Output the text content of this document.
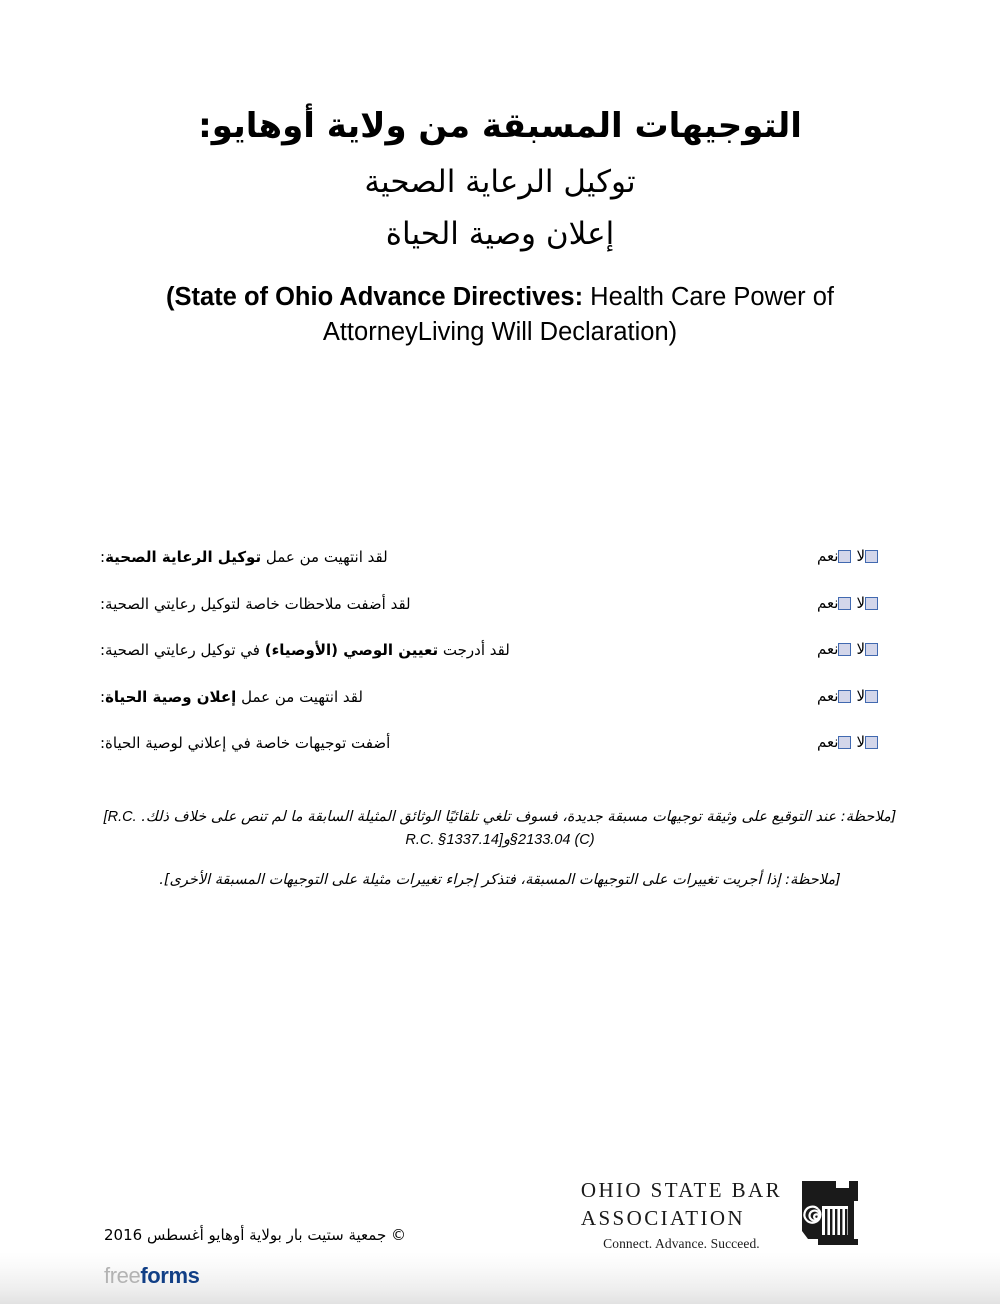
التوجيهات المسبقة من ولاية أوهايو:
توكيل الرعاية الصحية
إعلان وصية الحياة

(State of Ohio Advance Directives: Health Care Power of AttorneyLiving Will Declaration)

لقد انتهيت من عمل توكيل الرعاية الصحية:	نعم لا
لقد أضفت ملاحظات خاصة لتوكيل رعايتي الصحية:	نعم لا
لقد أدرجت تعيين الوصي (الأوصياء) في توكيل رعايتي الصحية:	نعم لا
لقد انتهيت من عمل إعلان وصية الحياة:	نعم لا
أضفت توجيهات خاصة في إعلاني لوصية الحياة:	نعم لا

[ملاحظة: عند التوقيع على وثيقة توجيهات مسبقة جديدة، فسوف تلغي تلقائيًا الوثائق المثيلة السابقة ما لم تنص على خلاف ذلك. [R.C. §2133.04 (C)وR.C. §1337.14]

[ملاحظة: إذا أجريت تغييرات على التوجيهات المسبقة، فتذكر إجراء تغييرات مثيلة على التوجيهات المسبقة الأخرى].

OHIO STATE BAR
ASSOCIATION
Connect. Advance. Succeed.
© جمعية ستيت بار بولاية أوهايو أغسطس 2016
freeforms
